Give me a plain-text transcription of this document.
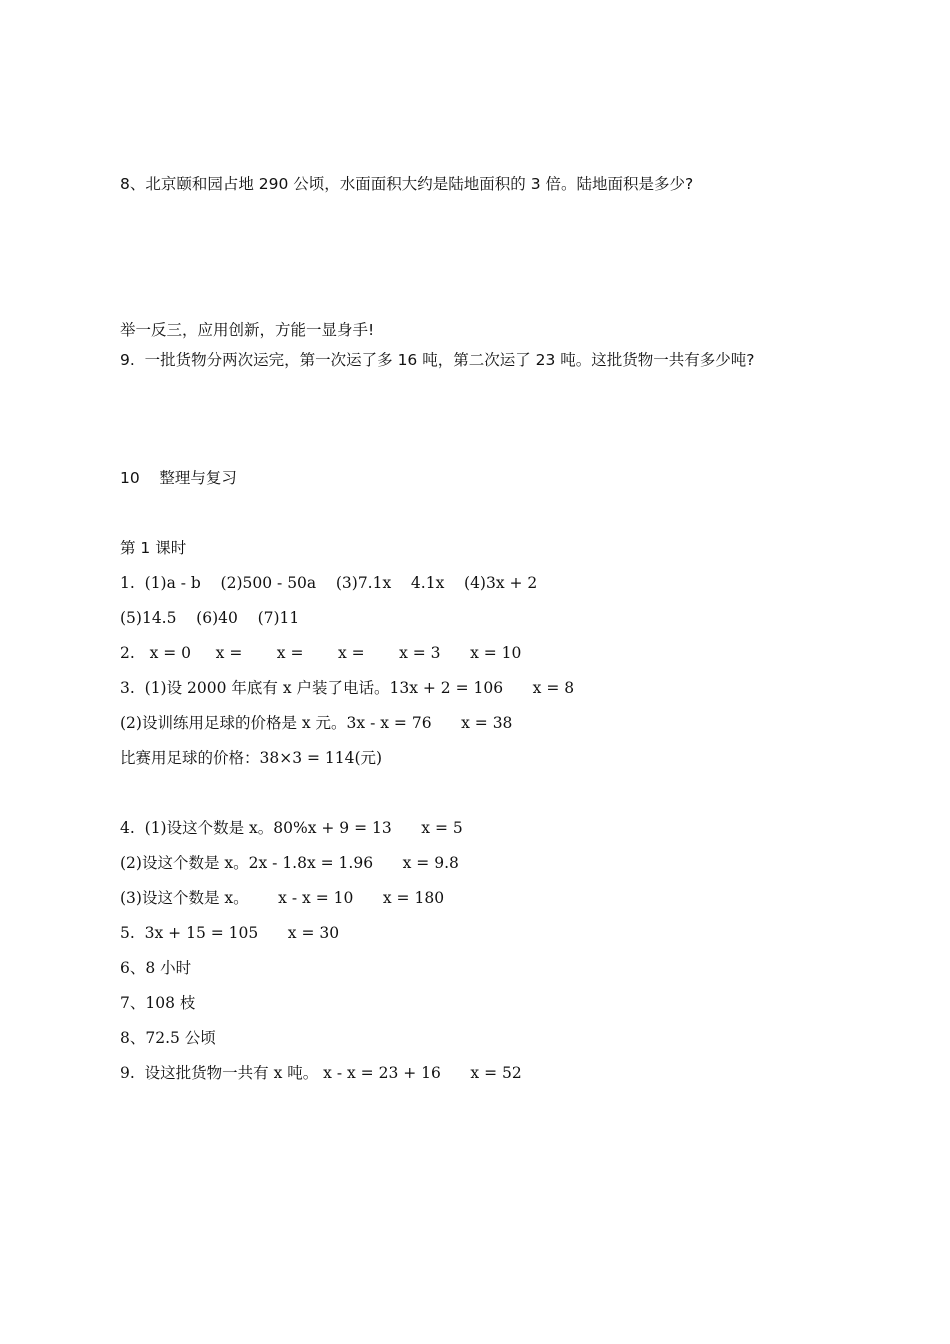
8、北京颐和园占地 290 公顷，水面面积大约是陆地面积的 3 倍。陆地面积是多少?
举一反三，应用创新，方能一显身手!
9.  一批货物分两次运完，第一次运了多 16 吨，第二次运了 23 吨。这批货物一共有多少吨?
10    整理与复习
第 1 课时
1.  (1)a - b    (2)500 - 50a    (3)7.1x    4.1x    (4)3x + 2
(5)14.5    (6)40    (7)11
2.   x = 0     x =       x =       x =       x = 3      x = 10
3.  (1)设 2000 年底有 x 户装了电话。13x + 2 = 106      x = 8
(2)设训练用足球的价格是 x 元。3x - x = 76      x = 38
比赛用足球的价格：38×3 = 114(元)
4.  (1)设这个数是 x。80%x + 9 = 13      x = 5
(2)设这个数是 x。2x - 1.8x = 1.96      x = 9.8
(3)设这个数是 x。      x - x = 10      x = 180
5.  3x + 15 = 105      x = 30
6、8 小时
7、108 枝
8、72.5 公顷
9.  设这批货物一共有 x 吨。 x - x = 23 + 16      x = 52
